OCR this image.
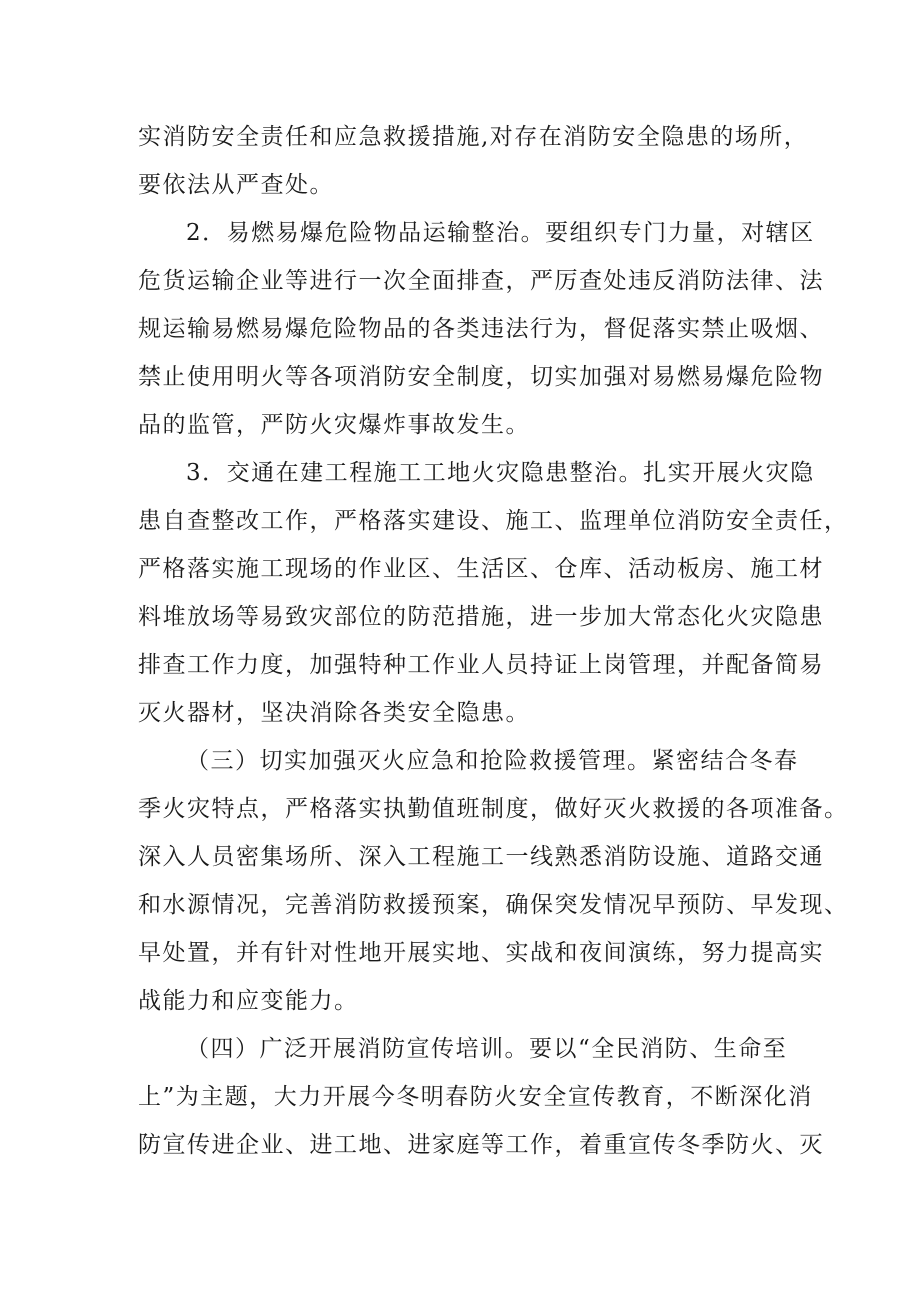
实消防安全责任和应急救援措施,对存在消防安全隐患的场所，
要依法从严查处。
2．易燃易爆危险物品运输整治。要组织专门力量，对辖区
危货运输企业等进行一次全面排查，严厉查处违反消防法律、法
规运输易燃易爆危险物品的各类违法行为，督促落实禁止吸烟、
禁止使用明火等各项消防安全制度，切实加强对易燃易爆危险物
品的监管，严防火灾爆炸事故发生。
3．交通在建工程施工工地火灾隐患整治。扎实开展火灾隐
患自查整改工作，严格落实建设、施工、监理单位消防安全责任，
严格落实施工现场的作业区、生活区、仓库、活动板房、施工材
料堆放场等易致灾部位的防范措施，进一步加大常态化火灾隐患
排查工作力度，加强特种工作业人员持证上岗管理，并配备简易
灭火器材，坚决消除各类安全隐患。
（三）切实加强灭火应急和抢险救援管理。紧密结合冬春
季火灾特点，严格落实执勤值班制度，做好灭火救援的各项准备。
深入人员密集场所、深入工程施工一线熟悉消防设施、道路交通
和水源情况，完善消防救援预案，确保突发情况早预防、早发现、
早处置，并有针对性地开展实地、实战和夜间演练，努力提高实
战能力和应变能力。
（四）广泛开展消防宣传培训。要以“全民消防、生命至
上”为主题，大力开展今冬明春防火安全宣传教育，不断深化消
防宣传进企业、进工地、进家庭等工作，着重宣传冬季防火、灭
